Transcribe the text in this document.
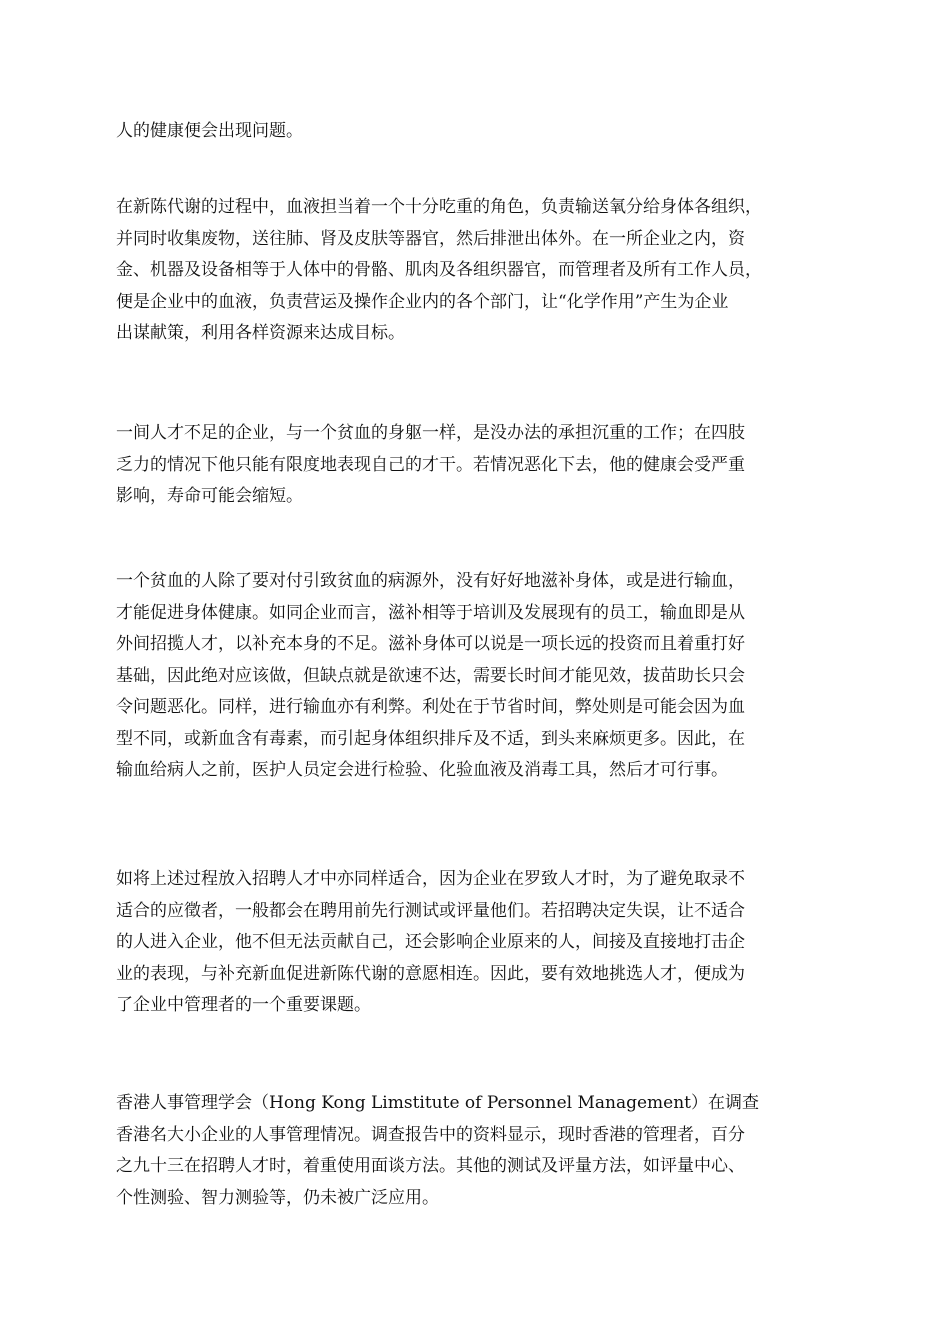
人的健康便会出现问题。

在新陈代谢的过程中，血液担当着一个十分吃重的角色，负责输送氧分给身体各组织，
并同时收集废物，送往肺、肾及皮肤等器官，然后排泄出体外。在一所企业之内，资
金、机器及设备相等于人体中的骨骼、肌肉及各组织器官，而管理者及所有工作人员，
便是企业中的血液，负责营运及操作企业内的各个部门，让“化学作用”产生为企业
出谋献策，利用各样资源来达成目标。

一间人才不足的企业，与一个贫血的身躯一样，是没办法的承担沉重的工作；在四肢
乏力的情况下他只能有限度地表现自己的才干。若情况恶化下去，他的健康会受严重
影响，寿命可能会缩短。

一个贫血的人除了要对付引致贫血的病源外，没有好好地滋补身体，或是进行输血，
才能促进身体健康。如同企业而言，滋补相等于培训及发展现有的员工，输血即是从
外间招揽人才，以补充本身的不足。滋补身体可以说是一项长远的投资而且着重打好
基础，因此绝对应该做，但缺点就是欲速不达，需要长时间才能见效，拔苗助长只会
令问题恶化。同样，进行输血亦有利弊。利处在于节省时间，弊处则是可能会因为血
型不同，或新血含有毒素，而引起身体组织排斥及不适，到头来麻烦更多。因此，在
输血给病人之前，医护人员定会进行检验、化验血液及消毒工具，然后才可行事。

如将上述过程放入招聘人才中亦同样适合，因为企业在罗致人才时，为了避免取录不
适合的应徵者，一般都会在聘用前先行测试或评量他们。若招聘决定失误，让不适合
的人进入企业，他不但无法贡献自己，还会影响企业原来的人，间接及直接地打击企
业的表现，与补充新血促进新陈代谢的意愿相连。因此，要有效地挑选人才，便成为
了企业中管理者的一个重要课题。

香港人事管理学会（Hong Kong Limstitute of Personnel Management）在调查
香港名大小企业的人事管理情况。调查报告中的资料显示，现时香港的管理者，百分
之九十三在招聘人才时，着重使用面谈方法。其他的测试及评量方法，如评量中心、
个性测验、智力测验等，仍未被广泛应用。
